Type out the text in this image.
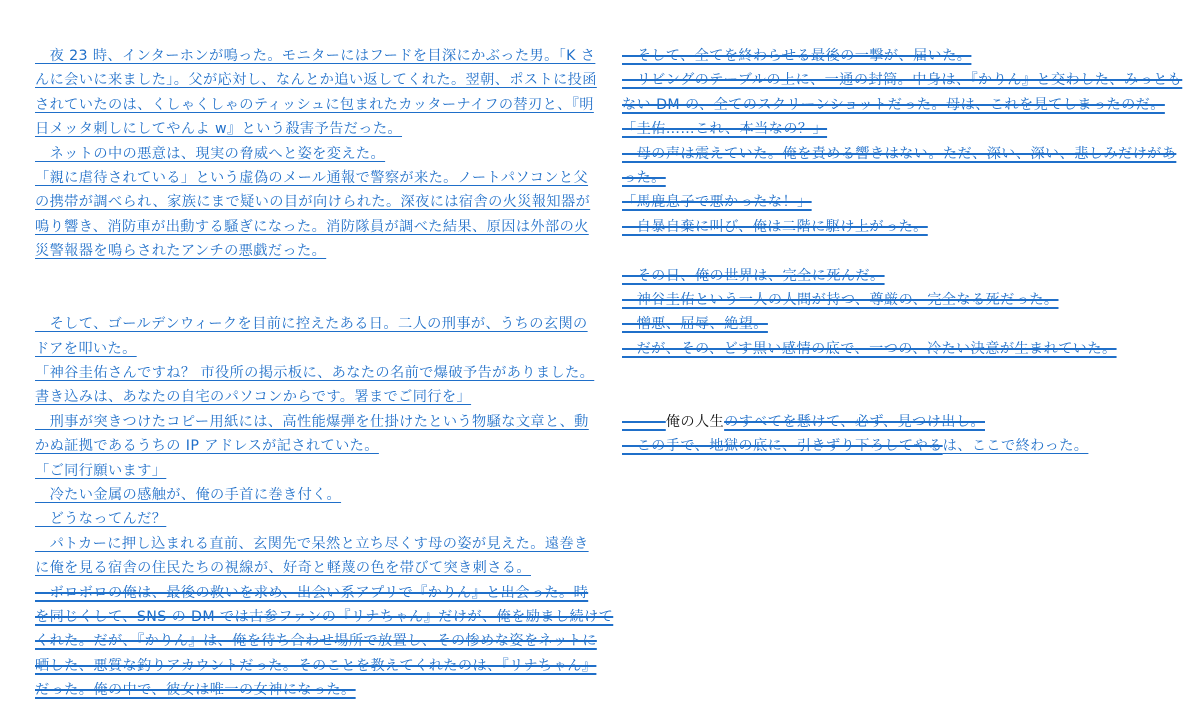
　夜 23 時、インターホンが鳴った。モニターにはフードを目深にかぶった男。「K さ
んに会いに来ました」。父が応対し、なんとか追い返してくれた。翌朝、ポストに投函
されていたのは、くしゃくしゃのティッシュに包まれたカッターナイフの替刃と、『明
日メッタ刺しにしてやんよ w』という殺害予告だった。
　ネットの中の悪意は、現実の脅威へと姿を変えた。
「親に虐待されている」という虚偽のメール通報で警察が来た。ノートパソコンと父
の携帯が調べられ、家族にまで疑いの目が向けられた。深夜には宿舎の火災報知器が
鳴り響き、消防車が出動する騒ぎになった。消防隊員が調べた結果、原因は外部の火
災警報器を鳴らされたアンチの悪戯だった。
　そして、ゴールデンウィークを目前に控えたある日。二人の刑事が、うちの玄関の
ドアを叩いた。
「神谷圭佑さんですね？ 市役所の掲示板に、あなたの名前で爆破予告がありました。
書き込みは、あなたの自宅のパソコンからです。署までご同行を」
　刑事が突きつけたコピー用紙には、高性能爆弾を仕掛けたという物騒な文章と、動
かぬ証拠であるうちの IP アドレスが記されていた。
「ご同行願います」
　冷たい金属の感触が、俺の手首に巻き付く。
　どうなってんだ？
　パトカーに押し込まれる直前、玄関先で呆然と立ち尽くす母の姿が見えた。遠巻き
に俺を見る宿舎の住民たちの視線が、好奇と軽蔑の色を帯びて突き刺さる。
　ボロボロの俺は、最後の救いを求め、出会い系アプリで『かりん』と出会った。時
を同じくして、SNS の DM では古参ファンの『リナちゃん』だけが、俺を励まし続けて
くれた。だが、『かりん』は、俺を待ち合わせ場所で放置し、その惨めな姿をネットに
晒した、悪質な釣りアカウントだった。そのことを教えてくれたのは、『リナちゃん』
だった。俺の中で、彼女は唯一の女神になった。
　そして、全てを終わらせる最後の一撃が、届いた。
　リビングのテーブルの上に、一通の封筒。中身は、『かりん』と交わした、みっとも
ない DM の、全てのスクリーンショットだった。母は、これを見てしまったのだ。
「圭佑……これ、本当なの？」
　母の声は震えていた。俺を責める響きはない。ただ、深い、深い、悲しみだけがあ
った。
「馬鹿息子で悪かったな！」
　自暴自棄に叫び、俺は二階に駆け上がった。
　その日、俺の世界は、完全に死んだ。
　神谷圭佑という一人の人間が持つ、尊厳の、完全なる死だった。
　憎悪、屈辱、絶望。
　だが、その、どす黒い感情の底で、一つの、冷たい決意が生まれていた。
　　　俺の人生のすべてを懸けて、必ず、見つけ出し。
　この手で、地獄の底に、引きずり下ろしてやるは、ここで終わった。
